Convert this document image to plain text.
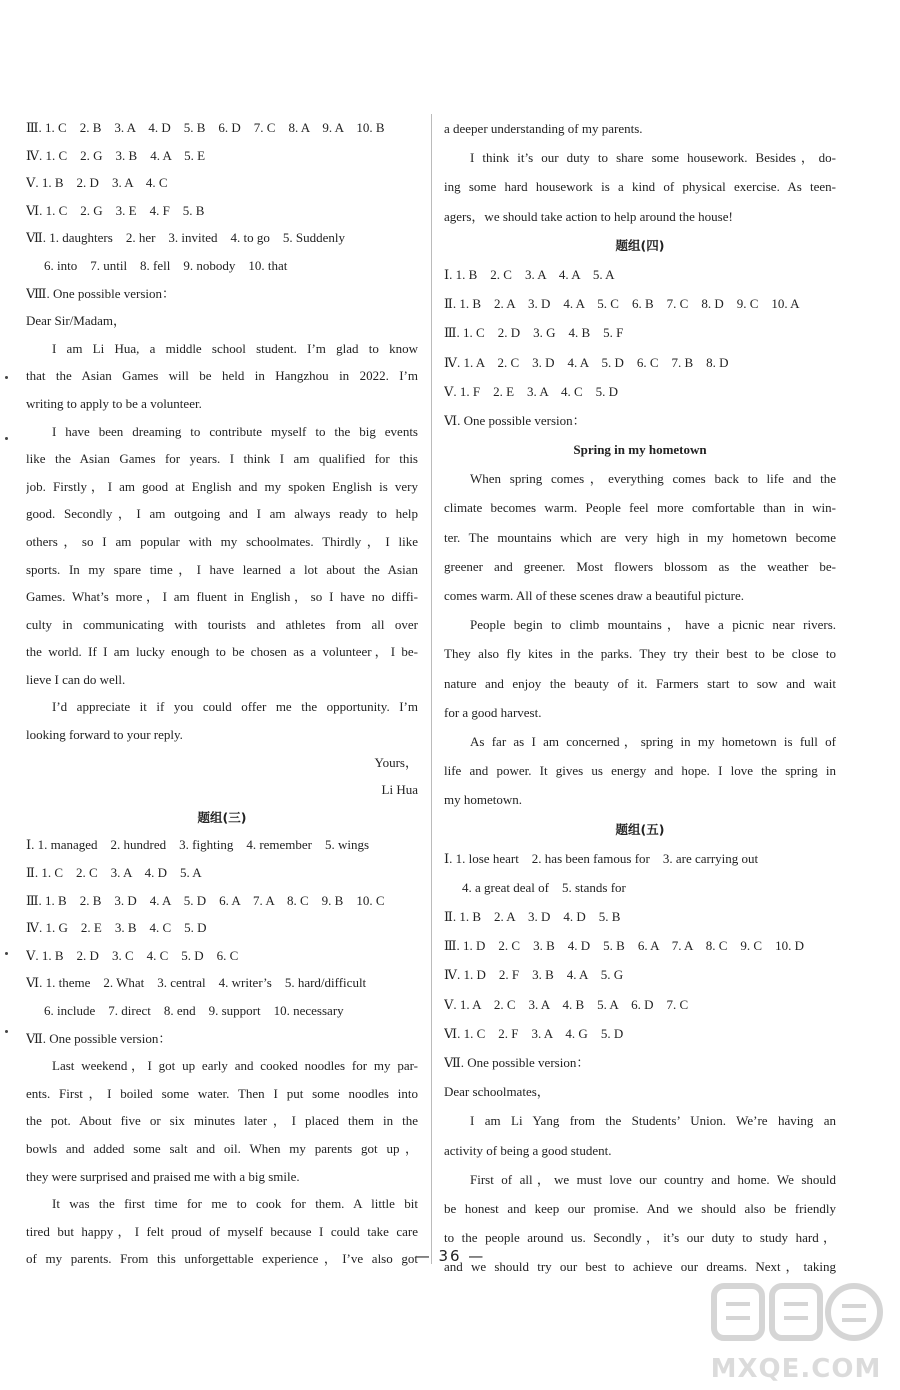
Ⅲ. 1. C　2. B　3. A　4. D　5. B　6. D　7. C　8. A　9. A　10. B
Ⅳ. 1. C　2. G　3. B　4. A　5. E
Ⅴ. 1. B　2. D　3. A　4. C
Ⅵ. 1. C　2. G　3. E　4. F　5. B
Ⅶ. 1. daughters　2. her　3. invited　4. to go　5. Suddenly
6. into　7. until　8. fell　9. nobody　10. that
Ⅷ. One possible version：
Dear Sir/Madam，
I am Li Hua, a middle school student. I’m glad to know
that the Asian Games will be held in Hangzhou in 2022. I’m
writing to apply to be a volunteer.
I have been dreaming to contribute myself to the big events
like the Asian Games for years. I think I am qualified for this
job. Firstly，I am good at English and my spoken English is very
good. Secondly，I am outgoing and I am always ready to help
others，so I am popular with my schoolmates. Thirdly，I like
sports. In my spare time，I have learned a lot about the Asian
Games. What’s more，I am fluent in English，so I have no diffi-
culty in communicating with tourists and athletes from all over
the world. If I am lucky enough to be chosen as a volunteer，I be-
lieve I can do well.
I’d appreciate it if you could offer me the opportunity. I’m
looking forward to your reply.
Yours，
Li Hua
题组(三)
Ⅰ. 1. managed　2. hundred　3. fighting　4. remember　5. wings
Ⅱ. 1. C　2. C　3. A　4. D　5. A
Ⅲ. 1. B　2. B　3. D　4. A　5. D　6. A　7. A　8. C　9. B　10. C
Ⅳ. 1. G　2. E　3. B　4. C　5. D
Ⅴ. 1. B　2. D　3. C　4. C　5. D　6. C
Ⅵ. 1. theme　2. What　3. central　4. writer’s　5. hard/difficult
6. include　7. direct　8. end　9. support　10. necessary
Ⅶ. One possible version：
Last weekend，I got up early and cooked noodles for my par-
ents. First，I boiled some water. Then I put some noodles into
the pot. About five or six minutes later，I placed them in the
bowls and added some salt and oil. When my parents got up，
they were surprised and praised me with a big smile.
It was the first time for me to cook for them. A little bit
tired but happy，I felt proud of myself because I could take care
of my parents. From this unforgettable experience，I’ve also got
a deeper understanding of my parents.
I think it’s our duty to share some housework. Besides，do-
ing some hard housework is a kind of physical exercise. As teen-
agers，we should take action to help around the house!
题组(四)
Ⅰ. 1. B　2. C　3. A　4. A　5. A
Ⅱ. 1. B　2. A　3. D　4. A　5. C　6. B　7. C　8. D　9. C　10. A
Ⅲ. 1. C　2. D　3. G　4. B　5. F
Ⅳ. 1. A　2. C　3. D　4. A　5. D　6. C　7. B　8. D
Ⅴ. 1. F　2. E　3. A　4. C　5. D
Ⅵ. One possible version：
Spring in my hometown
When spring comes，everything comes back to life and the
climate becomes warm. People feel more comfortable than in win-
ter. The mountains which are very high in my hometown become
greener and greener. Most flowers blossom as the weather be-
comes warm. All of these scenes draw a beautiful picture.
People begin to climb mountains，have a picnic near rivers.
They also fly kites in the parks. They try their best to be close to
nature and enjoy the beauty of it. Farmers start to sow and wait
for a good harvest.
As far as I am concerned，spring in my hometown is full of
life and power. It gives us energy and hope. I love the spring in
my hometown.
题组(五)
Ⅰ. 1. lose heart　2. has been famous for　3. are carrying out
4. a great deal of　5. stands for
Ⅱ. 1. B　2. A　3. D　4. D　5. B
Ⅲ. 1. D　2. C　3. B　4. D　5. B　6. A　7. A　8. C　9. C　10. D
Ⅳ. 1. D　2. F　3. B　4. A　5. G
Ⅴ. 1. A　2. C　3. A　4. B　5. A　6. D　7. C
Ⅵ. 1. C　2. F　3. A　4. G　5. D
Ⅶ. One possible version：
Dear schoolmates，
I am Li Yang from the Students’ Union. We’re having an
activity of being a good student.
First of all，we must love our country and home. We should
be honest and keep our promise. And we should also be friendly
to the people around us. Secondly，it’s our duty to study hard，
and we should try our best to achieve our dreams. Next，taking
— 36 —
MXQE.COM
